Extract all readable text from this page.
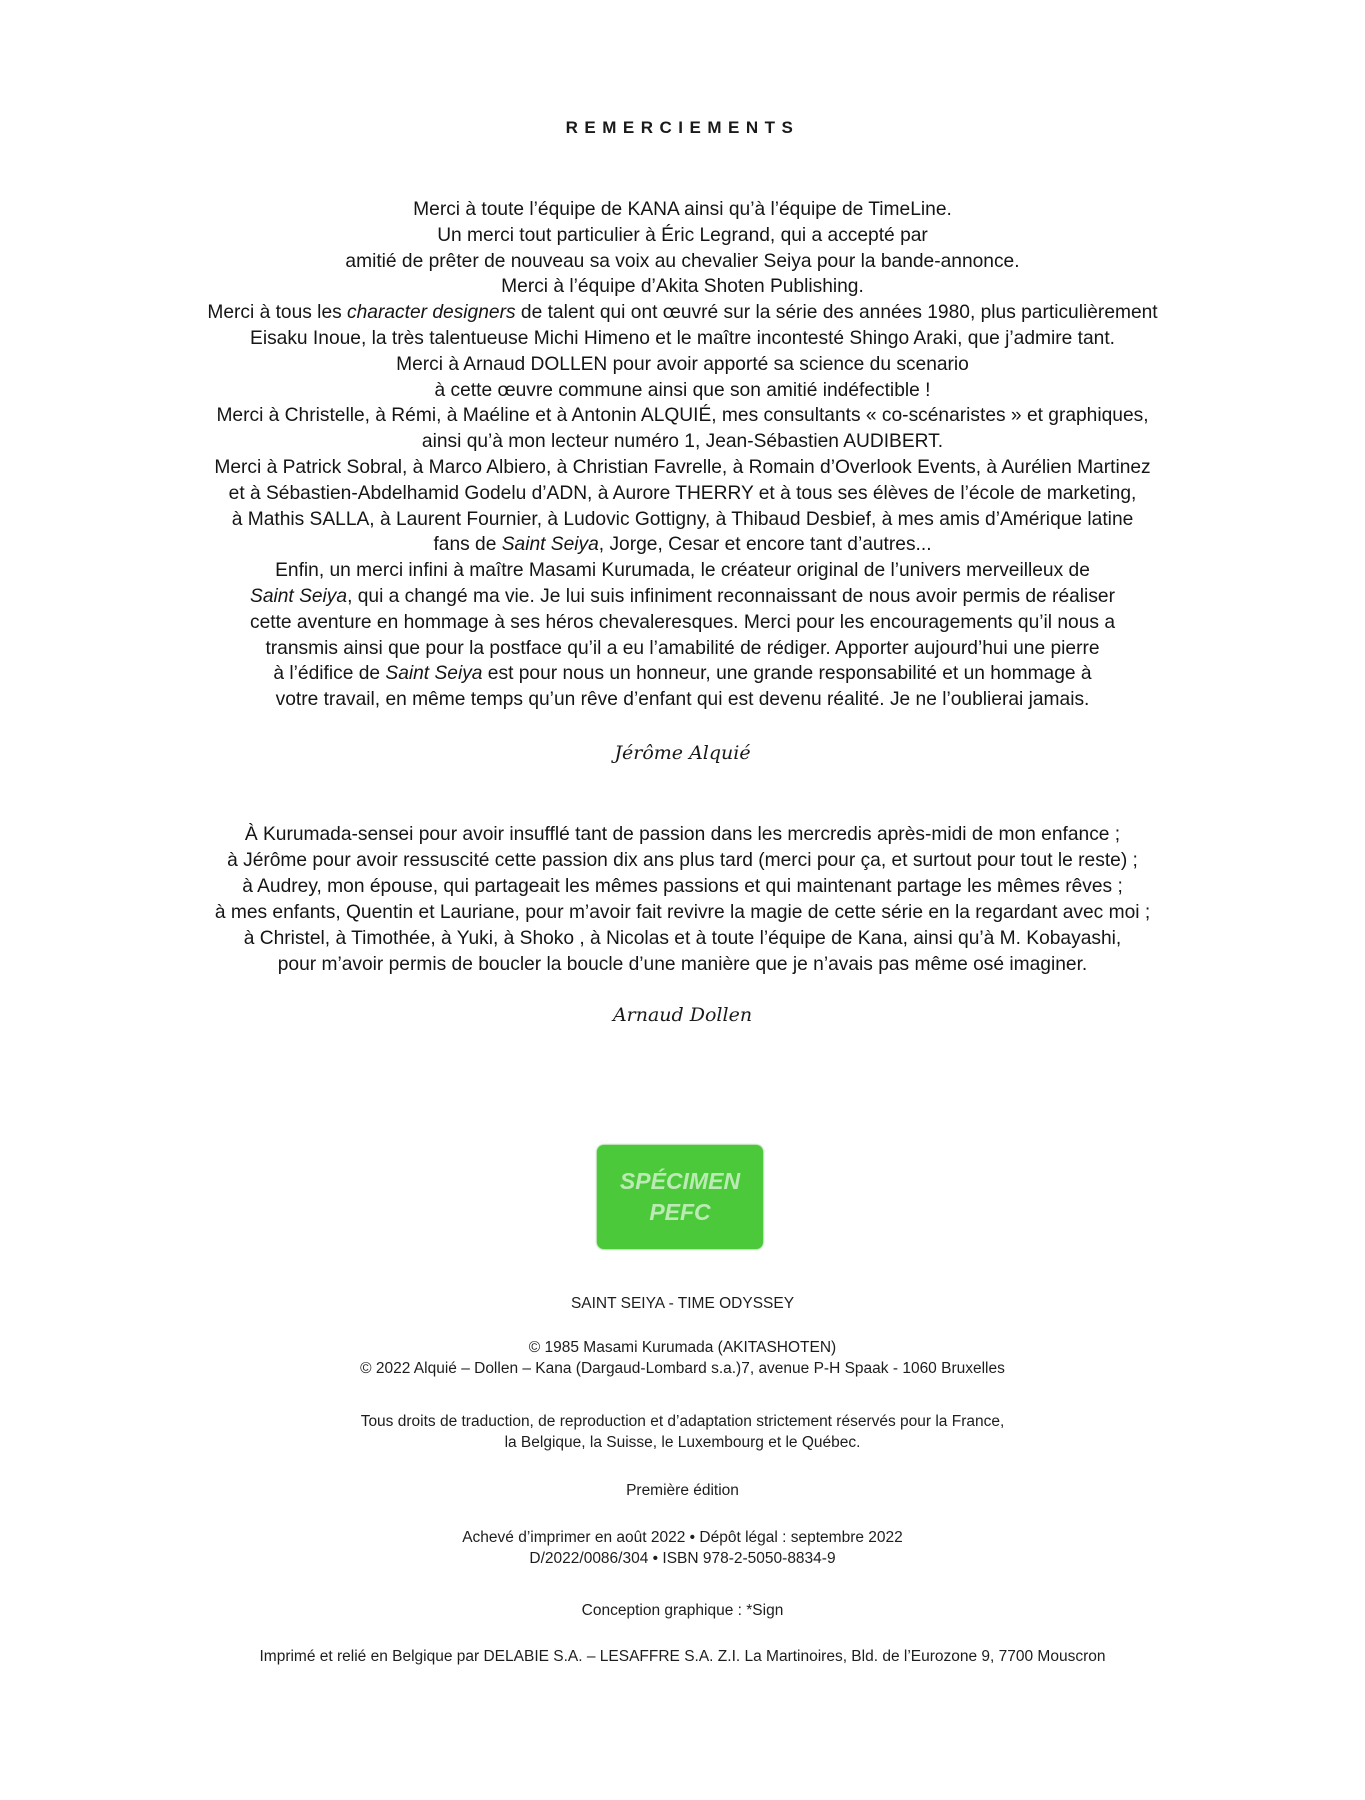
REMERCIEMENTS
Merci à toute l’équipe de KANA ainsi qu’à l’équipe de TimeLine.
Un merci tout particulier à Éric Legrand, qui a accepté par
amitié de prêter de nouveau sa voix au chevalier Seiya pour la bande-annonce.
Merci à l’équipe d’Akita Shoten Publishing.
Merci à tous les character designers de talent qui ont œuvré sur la série des années 1980, plus particulièrement
Eisaku Inoue, la très talentueuse Michi Himeno et le maître incontesté Shingo Araki, que j’admire tant.
Merci à Arnaud DOLLEN pour avoir apporté sa science du scenario
à cette œuvre commune ainsi que son amitié indéfectible !
Merci à Christelle, à Rémi, à Maéline et à Antonin ALQUIÉ, mes consultants « co-scénaristes » et graphiques,
ainsi qu’à mon lecteur numéro 1, Jean-Sébastien AUDIBERT.
Merci à Patrick Sobral, à Marco Albiero, à Christian Favrelle, à Romain d’Overlook Events, à Aurélien Martinez
et à Sébastien-Abdelhamid Godelu d’ADN, à Aurore THERRY et à tous ses élèves de l’école de marketing,
à Mathis SALLA, à Laurent Fournier, à Ludovic Gottigny, à Thibaud Desbief, à mes amis d’Amérique latine
fans de Saint Seiya, Jorge, Cesar et encore tant d’autres...
Enfin, un merci infini à maître Masami Kurumada, le créateur original de l’univers merveilleux de
Saint Seiya, qui a changé ma vie. Je lui suis infiniment reconnaissant de nous avoir permis de réaliser
cette aventure en hommage à ses héros chevaleresques. Merci pour les encouragements qu’il nous a
transmis ainsi que pour la postface qu’il a eu l’amabilité de rédiger. Apporter aujourd’hui une pierre
à l’édifice de Saint Seiya est pour nous un honneur, une grande responsabilité et un hommage à
votre travail, en même temps qu’un rêve d’enfant qui est devenu réalité. Je ne l’oublierai jamais.
Jérôme Alquié
À Kurumada-sensei pour avoir insufflé tant de passion dans les mercredis après-midi de mon enfance ;
à Jérôme pour avoir ressuscité cette passion dix ans plus tard (merci pour ça, et surtout pour tout le reste) ;
à Audrey, mon épouse, qui partageait les mêmes passions et qui maintenant partage les mêmes rêves ;
à mes enfants, Quentin et Lauriane, pour m’avoir fait revivre la magie de cette série en la regardant avec moi ;
à Christel, à Timothée, à Yuki, à Shoko , à Nicolas et à toute l’équipe de Kana, ainsi qu’à M. Kobayashi,
pour m’avoir permis de boucler la boucle d’une manière que je n’avais pas même osé imaginer.
Arnaud Dollen
SPÉCIMEN
PEFC
SAINT SEIYA - TIME ODYSSEY
© 1985 Masami Kurumada (AKITASHOTEN)
© 2022 Alquié – Dollen – Kana (Dargaud-Lombard s.a.)7, avenue P-H Spaak - 1060 Bruxelles
Tous droits de traduction, de reproduction et d’adaptation strictement réservés pour la France,
la Belgique, la Suisse, le Luxembourg et le Québec.
Première édition
Achevé d’imprimer en août 2022 • Dépôt légal : septembre 2022
D/2022/0086/304 • ISBN 978-2-5050-8834-9
Conception graphique : *Sign
Imprimé et relié en Belgique par DELABIE S.A. – LESAFFRE S.A. Z.I. La Martinoires, Bld. de l’Eurozone 9, 7700 Mouscron
